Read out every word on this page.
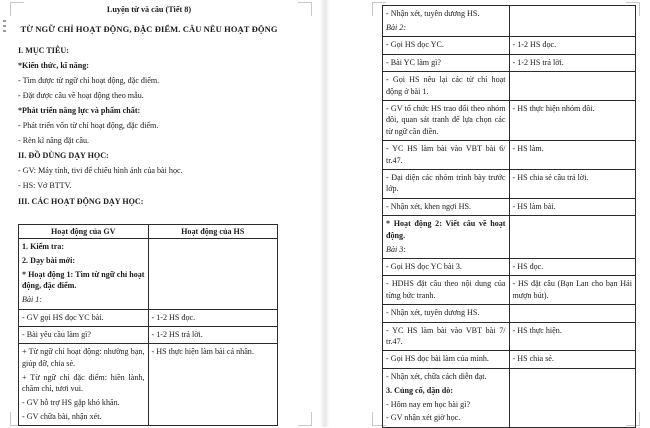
Luyện từ và câu (Tiết 8)

TỪ NGỮ CHỈ HOẠT ĐỘNG, ĐẶC ĐIỂM. CÂU NÊU HOẠT ĐỘNG

I. MỤC TIÊU:

*Kiến thức, kĩ năng:

- Tìm được từ ngữ chỉ hoạt động, đặc điểm.

- Đặt được câu về hoạt động theo mẫu.

*Phát triển năng lực và phẩm chất:

- Phát triển vốn từ chỉ hoạt động, đặc điểm.

- Rèn kĩ năng đặt câu.

II. ĐỒ DÙNG DẠY HỌC:

- GV: Máy tính, tivi để chiếu hình ảnh của bài học.

- HS: Vở BTTV.

III. CÁC HOẠT ĐỘNG DẠY HỌC:

Hoạt động của GV	Hoạt động của HS

1. Kiểm tra:

2. Dạy bài mới:

* Hoạt động 1: Tìm từ ngữ chỉ hoạt động, đặc điểm.

Bài 1:	

- GV gọi HS đọc YC bài.	- 1-2 HS đọc.

- Bài yêu cầu làm gì?	- 1-2 HS trả lời.

+ Từ ngữ chỉ hoạt động: nhường bạn, giúp đỡ, chia sẻ.

+ Từ ngữ chỉ đặc điểm: hiền lành, chăm chỉ, tươi vui.

- GV hỗ trợ HS gặp khó khăn.

- GV chữa bài, nhận xét.	- HS thực hiện làm bài cá nhân.

- Nhận xét, tuyên dương HS.

Bài 2:	

- Gọi HS đọc YC.	- 1-2 HS đọc.

- Bài YC làm gì?	- 1-2 HS trả lời.

- Gọi HS nêu lại các từ chỉ hoạt động ở bài 1.	

- GV tổ chức HS trao đổi theo nhóm đôi, quan sát tranh để lựa chọn các từ ngữ cần điền.	- HS thực hiện nhóm đôi.

- YC HS làm bài vào VBT bài 6/ tr.47.	- HS làm.

- Đại diện các nhóm trình bày trước lớp.	- HS chia sẻ câu trả lời.

- Nhận xét, khen ngợi HS.	- HS làm bài.

* Hoạt động 2: Viết câu về hoạt động.

Bài 3:	

- Gọi HS đọc YC bài 3.	- HS đọc.

- HDHS đặt câu theo nội dung của từng bức tranh.	- HS đặt câu (Bạn Lan cho bạn Hải mượn bút).

- Nhận xét, tuyên dương HS.	

- YC HS làm bài vào VBT bài 7/ tr.47.	- HS thực hiện.

- Gọi HS đọc bài làm của mình.	- HS chia sẻ.

- Nhận xét, chữa cách diễn đạt.

3. Củng cố, dặn dò:

- Hôm nay em học bài gì?

- GV nhận xét giờ học.	
